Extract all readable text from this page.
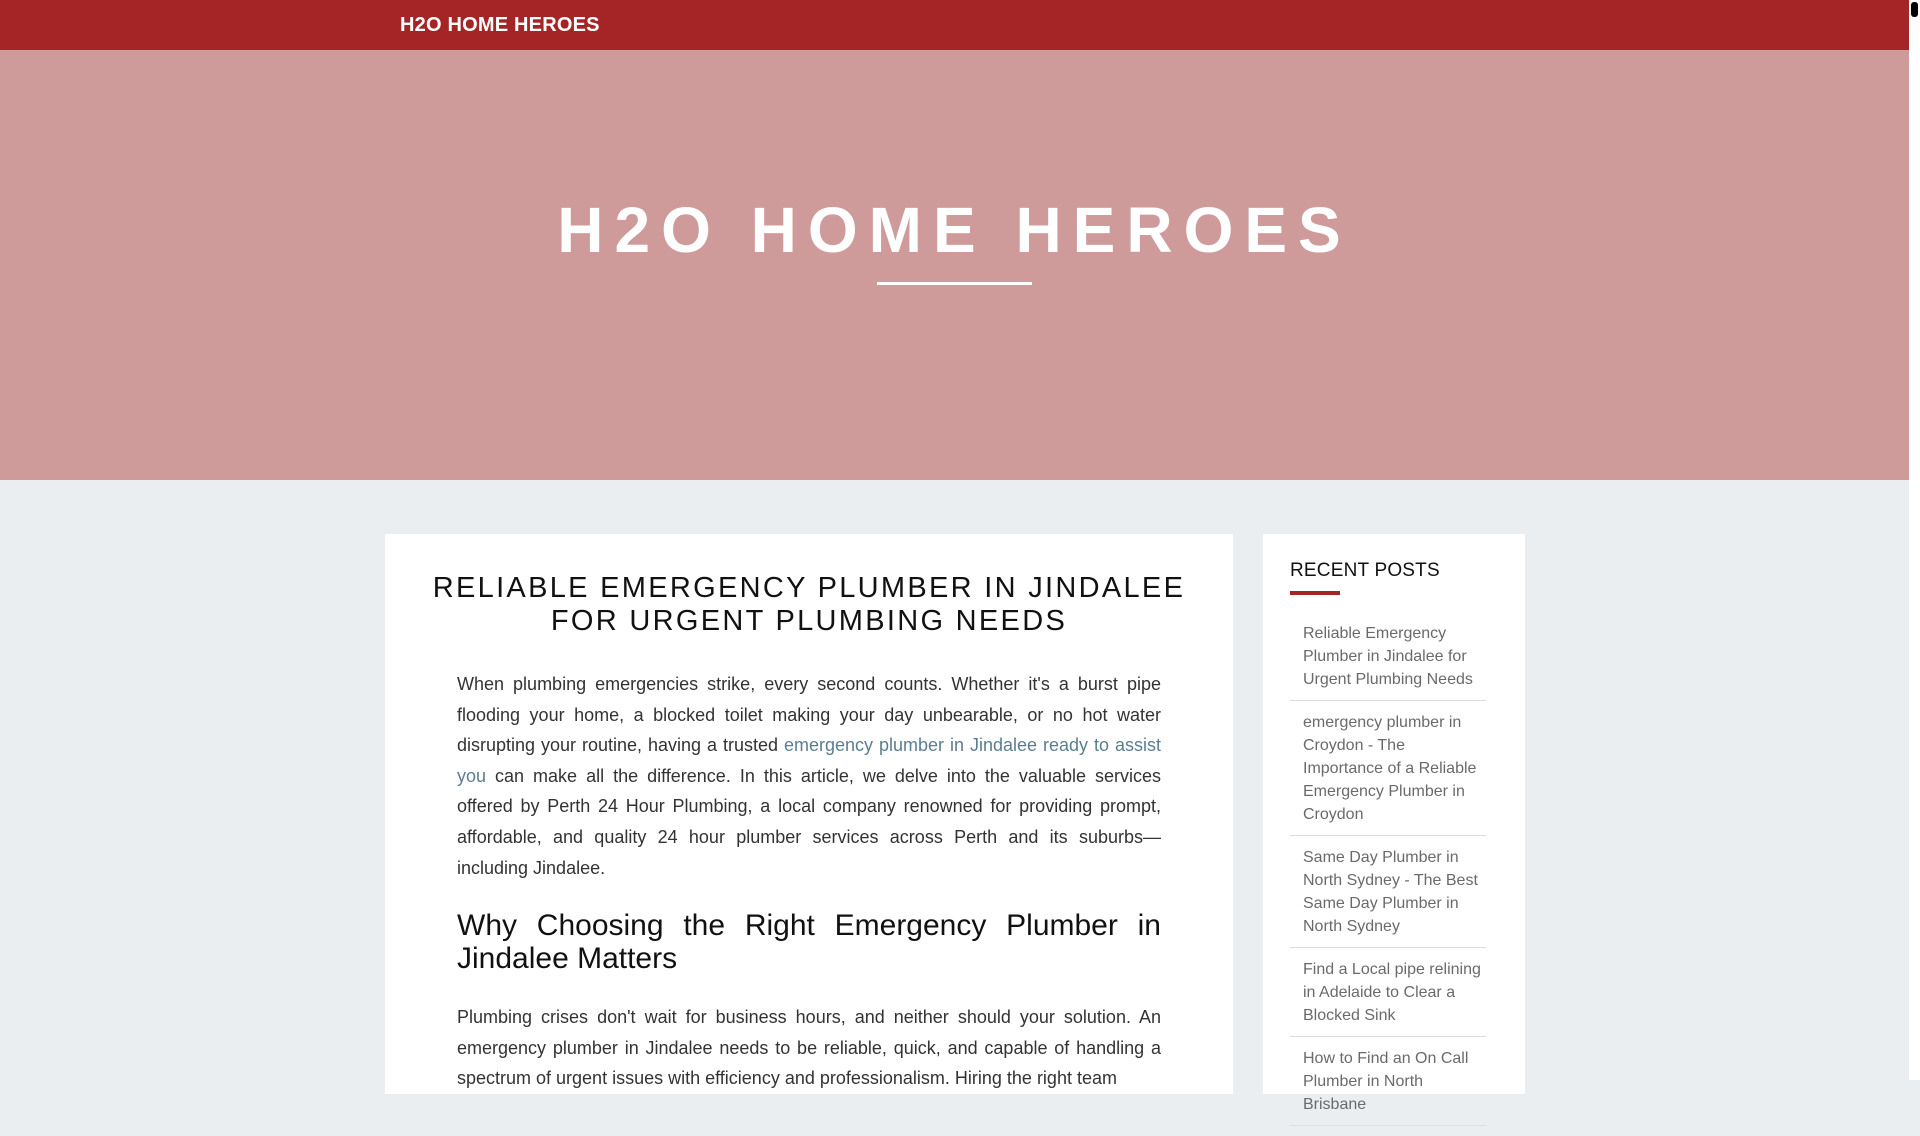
H2O HOME HEROES
H2O HOME HEROES
RELIABLE EMERGENCY PLUMBER IN JINDALEE FOR URGENT PLUMBING NEEDS

When plumbing emergencies strike, every second counts. Whether it's a burst pipe flooding your home, a blocked toilet making your day unbearable, or no hot water disrupting your routine, having a trusted emergency plumber in Jindalee ready to assist you can make all the difference. In this article, we delve into the valuable services offered by Perth 24 Hour Plumbing, a local company renowned for providing prompt, affordable, and quality 24 hour plumber services across Perth and its suburbs—including Jindalee.

Why Choosing the Right Emergency Plumber in Jindalee Matters

Plumbing crises don't wait for business hours, and neither should your solution. An emergency plumber in Jindalee needs to be reliable, quick, and capable of handling a spectrum of urgent issues with efficiency and professionalism. Hiring the right team

RECENT POSTS
Reliable Emergency Plumber in Jindalee for Urgent Plumbing Needs
emergency plumber in Croydon - The Importance of a Reliable Emergency Plumber in Croydon
Same Day Plumber in North Sydney - The Best Same Day Plumber in North Sydney
Find a Local pipe relining in Adelaide to Clear a Blocked Sink
How to Find an On Call Plumber in North Brisbane
